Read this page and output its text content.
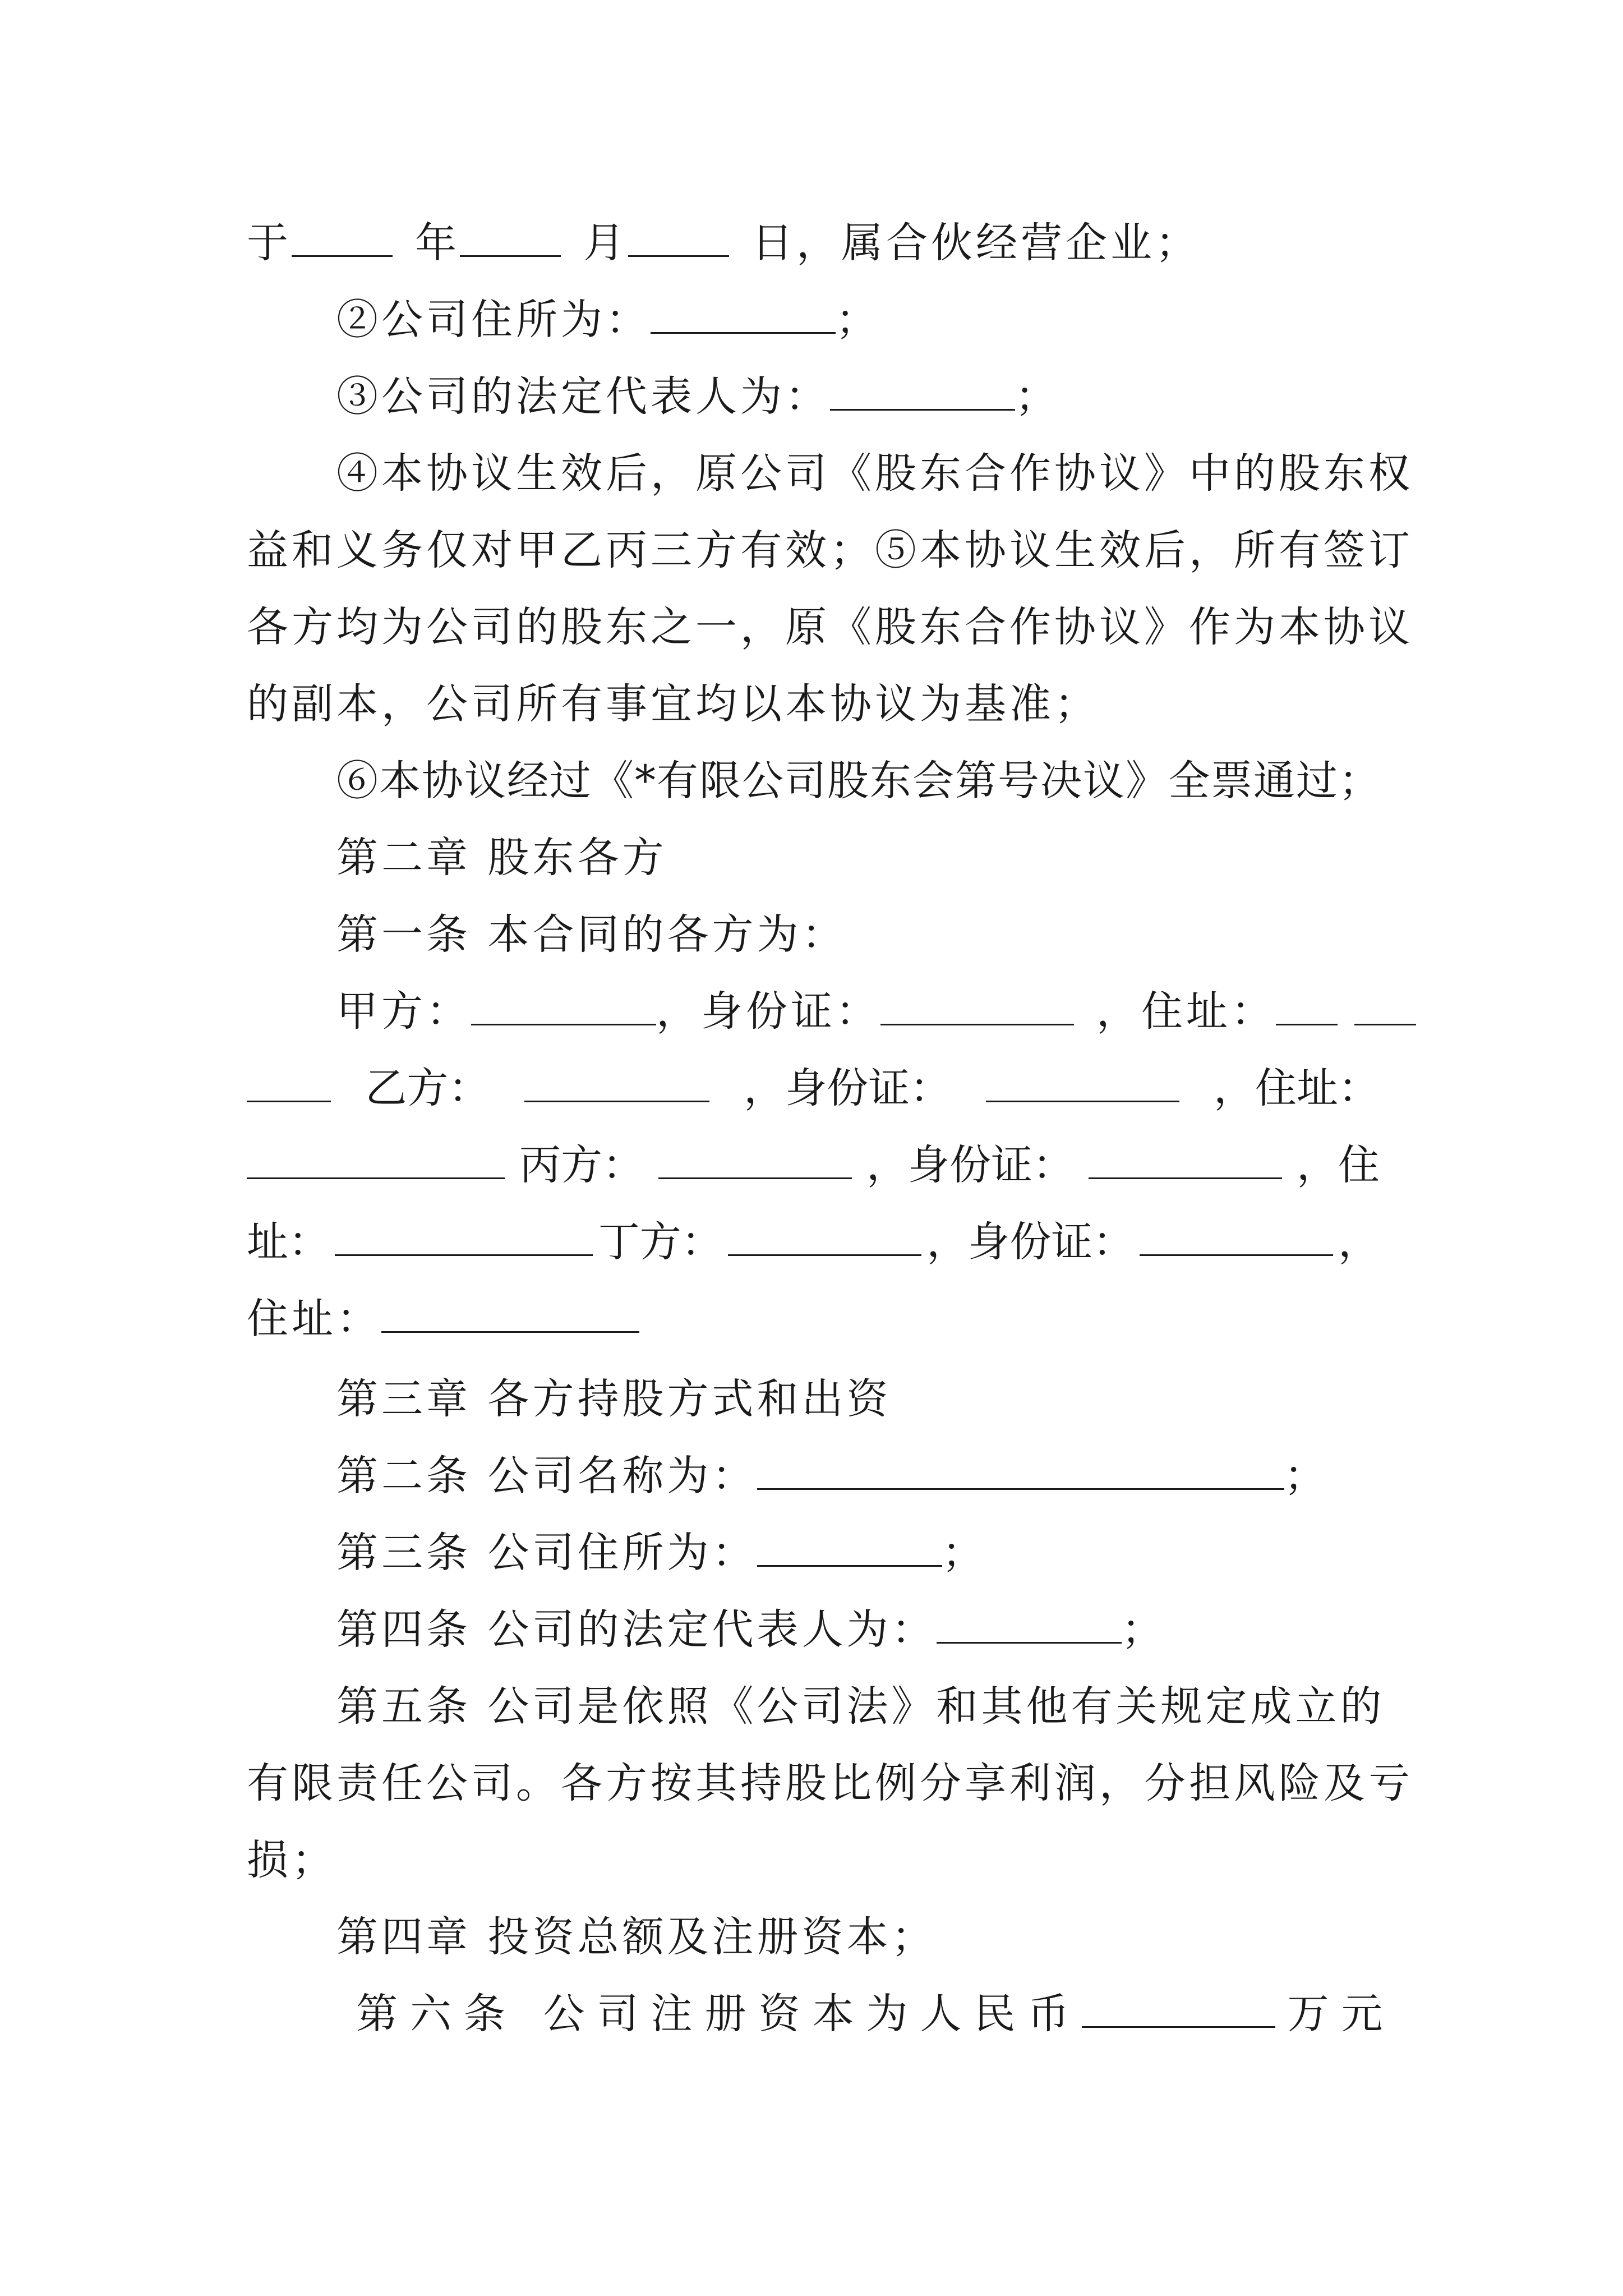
于	年	月	日，属合伙经营企业；
②公司住所为：	；
③公司的法定代表人为：	；
④本协议生效后，原公司《股东合作协议》中的股东权
益和义务仅对甲乙丙三方有效；⑤本协议生效后，所有签订
各方均为公司的股东之一，原《股东合作协议》作为本协议
的副本，公司所有事宜均以本协议为基准；
⑥本协议经过《*有限公司股东会第号决议》全票通过；
第二章 股东各方
第一条 本合同的各方为：
甲方：	，身份证：	，住址：
乙方：	，身份证：	，住址：
丙方：	，身份证：	，住
址：	丁方：	，身份证：	，
住址：
第三章 各方持股方式和出资
第二条 公司名称为：	；
第三条 公司住所为：	；
第四条 公司的法定代表人为：	；
第五条 公司是依照《公司法》和其他有关规定成立的
有限责任公司。各方按其持股比例分享利润，分担风险及亏
损；
第四章 投资总额及注册资本；
第六条 公司注册资本为人民币	万元
